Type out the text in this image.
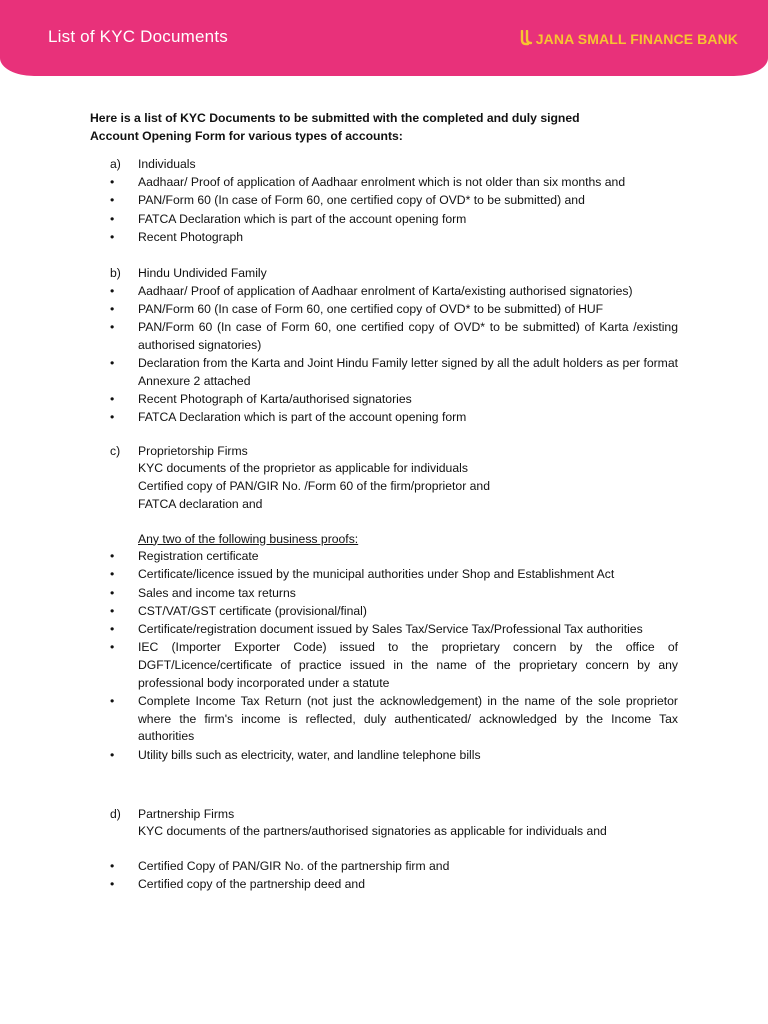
List of KYC Documents	JANA SMALL FINANCE BANK

Here is a list of KYC Documents to be submitted with the completed and duly signed

Account Opening Form for various types of accounts:

a)	Individuals
• Aadhaar/ Proof of application of Aadhaar enrolment which is not older than six months and
• PAN/Form 60 (In case of Form 60, one certified copy of OVD* to be submitted) and
• FATCA Declaration which is part of the account opening form
• Recent Photograph
b)	Hindu Undivided Family
• Aadhaar/ Proof of application of Aadhaar enrolment of Karta/existing authorised signatories)
• PAN/Form 60 (In case of Form 60, one certified copy of OVD* to be submitted) of HUF
• PAN/Form 60 (In case of Form 60, one certified copy of OVD* to be submitted) of Karta /existing authorised signatories)
• Declaration from the Karta and Joint Hindu Family letter signed by all the adult holders as per format Annexure 2 attached
• Recent Photograph of Karta/authorised signatories
• FATCA Declaration which is part of the account opening form
c)	Proprietorship Firms
KYC documents of the proprietor as applicable for individuals
Certified copy of PAN/GIR No. /Form 60 of the firm/proprietor and
FATCA declaration and
Any two of the following business proofs:
• Registration certificate
• Certificate/licence issued by the municipal authorities under Shop and Establishment Act
• Sales and income tax returns
• CST/VAT/GST certificate (provisional/final)
• Certificate/registration document issued by Sales Tax/Service Tax/Professional Tax authorities
• IEC (Importer Exporter Code) issued to the proprietary concern by the office of DGFT/Licence/certificate of practice issued in the name of the proprietary concern by any professional body incorporated under a statute
• Complete Income Tax Return (not just the acknowledgement) in the name of the sole proprietor where the firm's income is reflected, duly authenticated/ acknowledged by the Income Tax authorities
• Utility bills such as electricity, water, and landline telephone bills
d)	Partnership Firms
KYC documents of the partners/authorised signatories as applicable for individuals and
• Certified Copy of PAN/GIR No. of the partnership firm and
• Certified copy of the partnership deed and
